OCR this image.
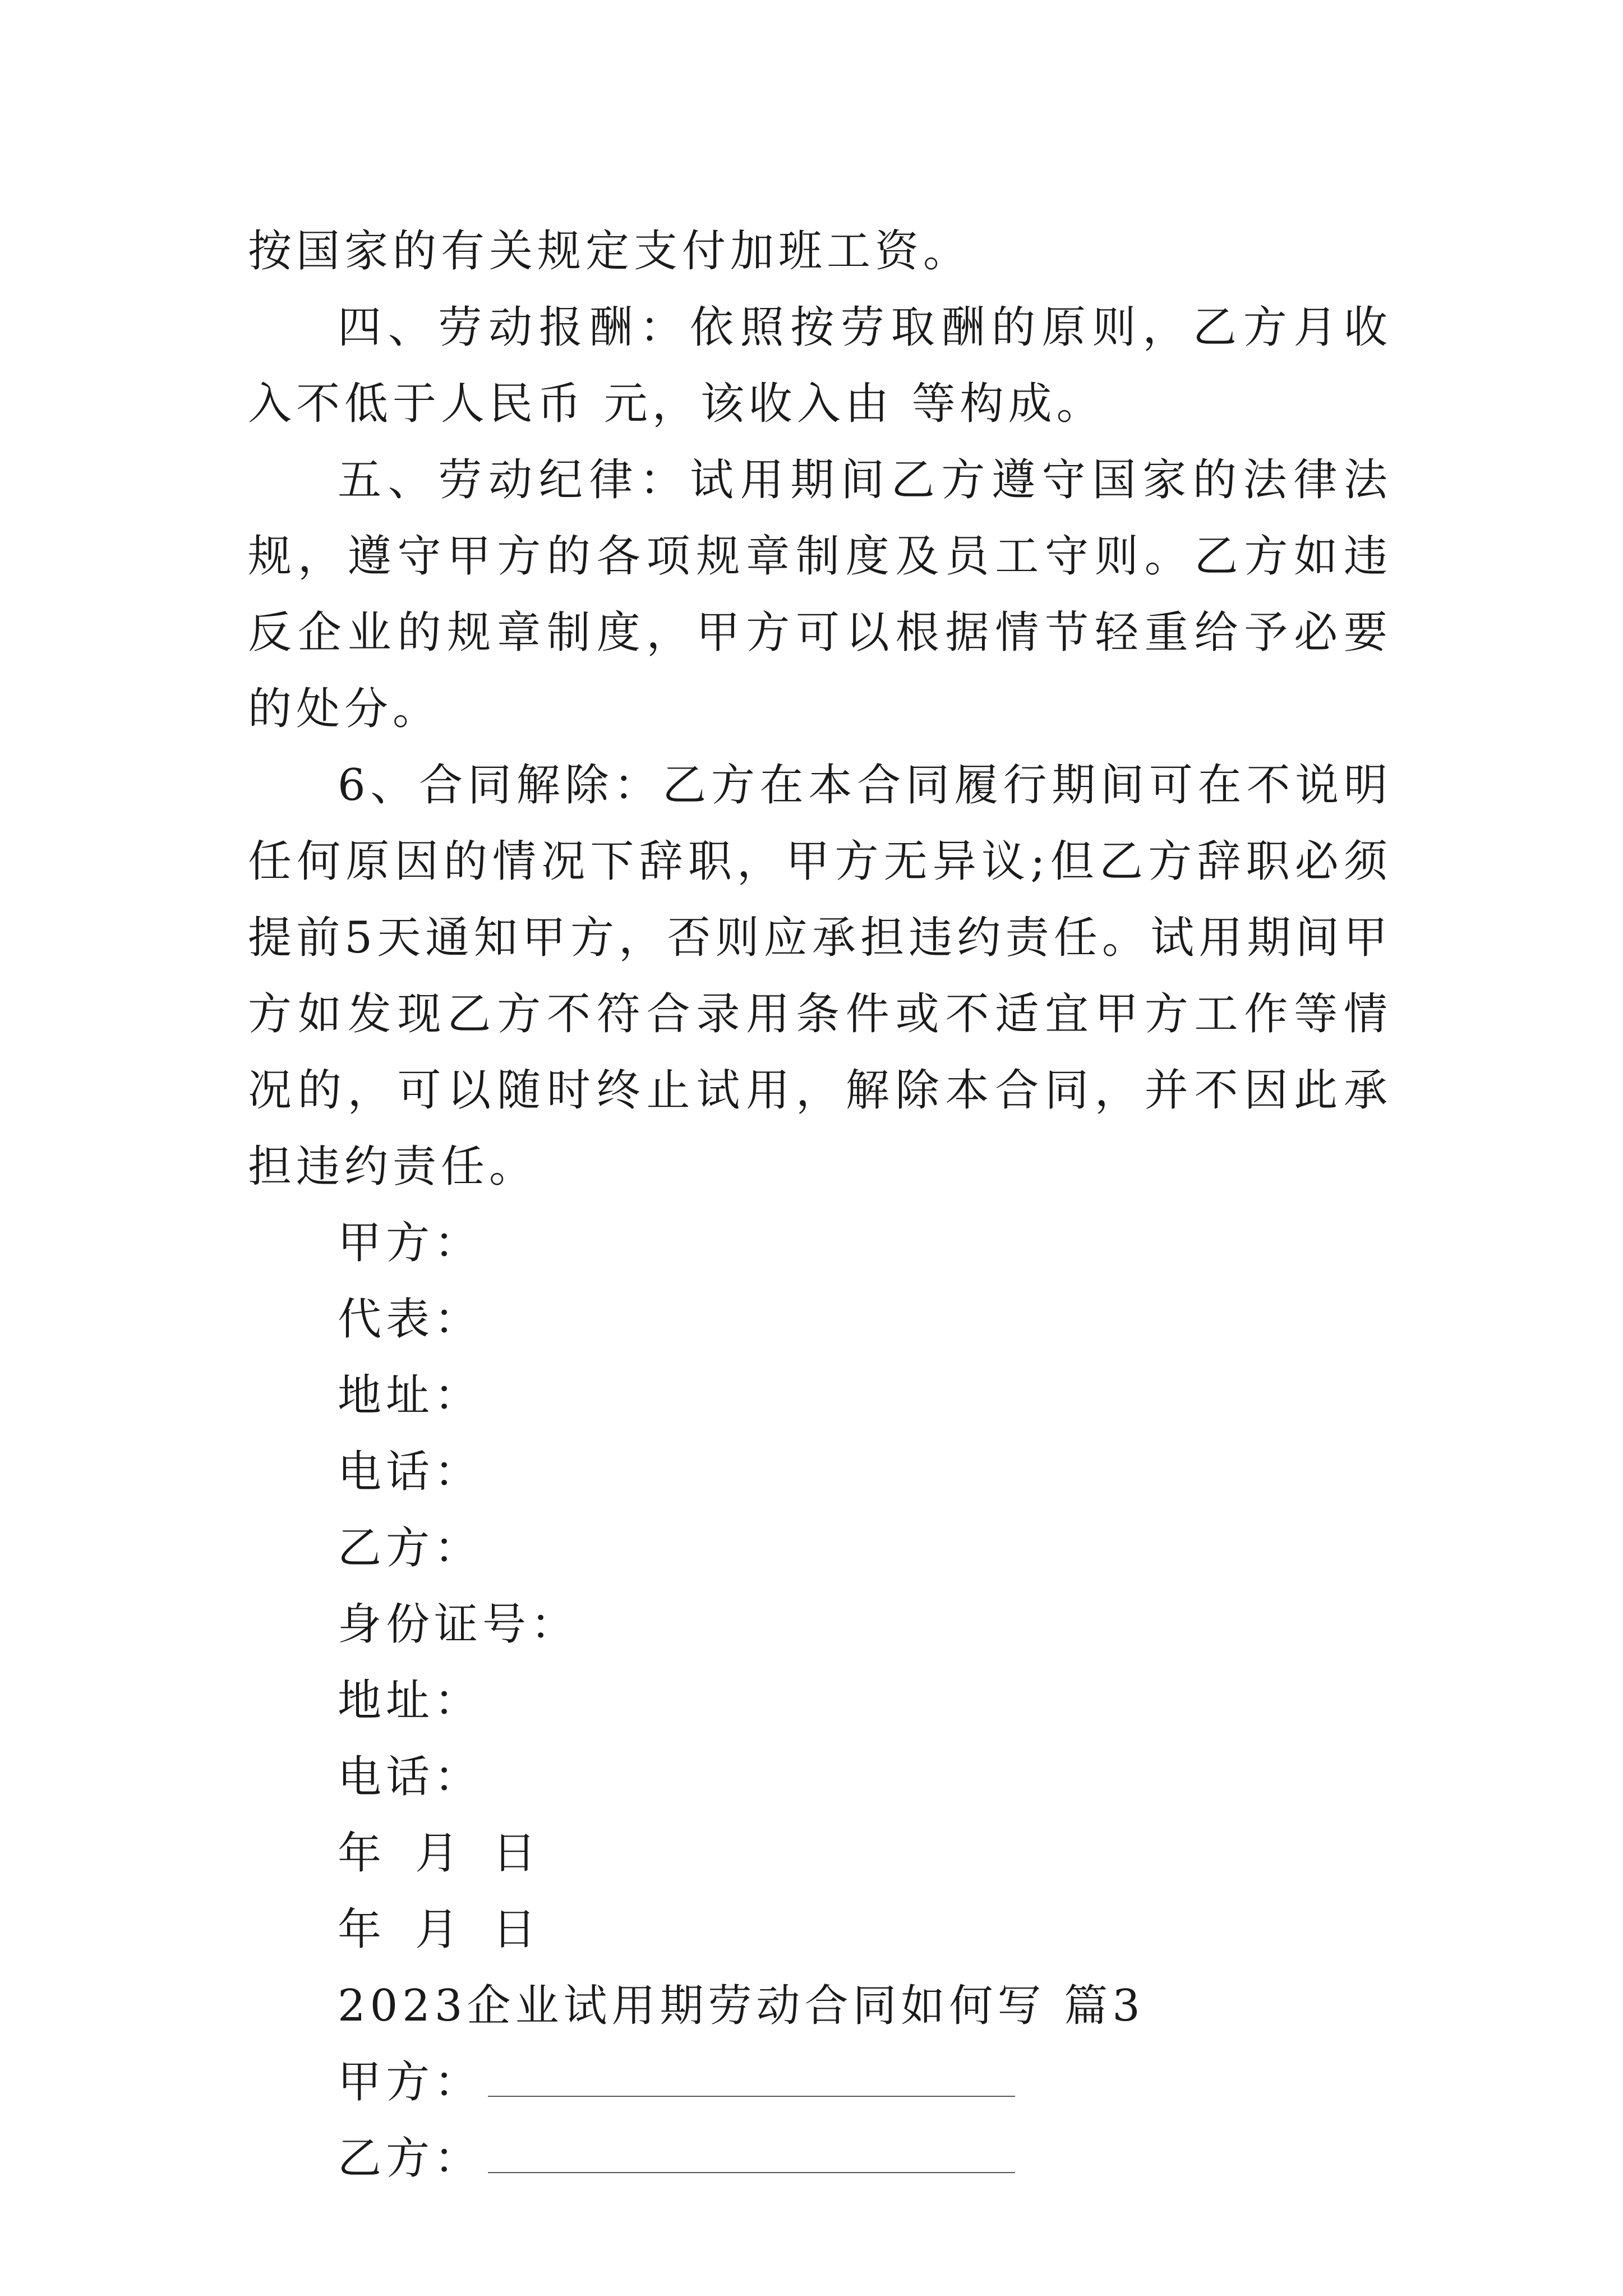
按国家的有关规定支付加班工资。

四、劳动报酬：依照按劳取酬的原则，乙方月收入不低于人民币 元，该收入由 等构成。

五、劳动纪律：试用期间乙方遵守国家的法律法规，遵守甲方的各项规章制度及员工守则。乙方如违反企业的规章制度，甲方可以根据情节轻重给予必要的处分。

6、合同解除：乙方在本合同履行期间可在不说明任何原因的情况下辞职，甲方无异议;但乙方辞职必须提前5天通知甲方，否则应承担违约责任。试用期间甲方如发现乙方不符合录用条件或不适宜甲方工作等情况的，可以随时终止试用，解除本合同，并不因此承担违约责任。

甲方：

代表：

地址：

电话：

乙方：

身份证号：

地址：

电话：

年 月 日

年 月 日

2023企业试用期劳动合同如何写 篇3

甲方：

乙方：
